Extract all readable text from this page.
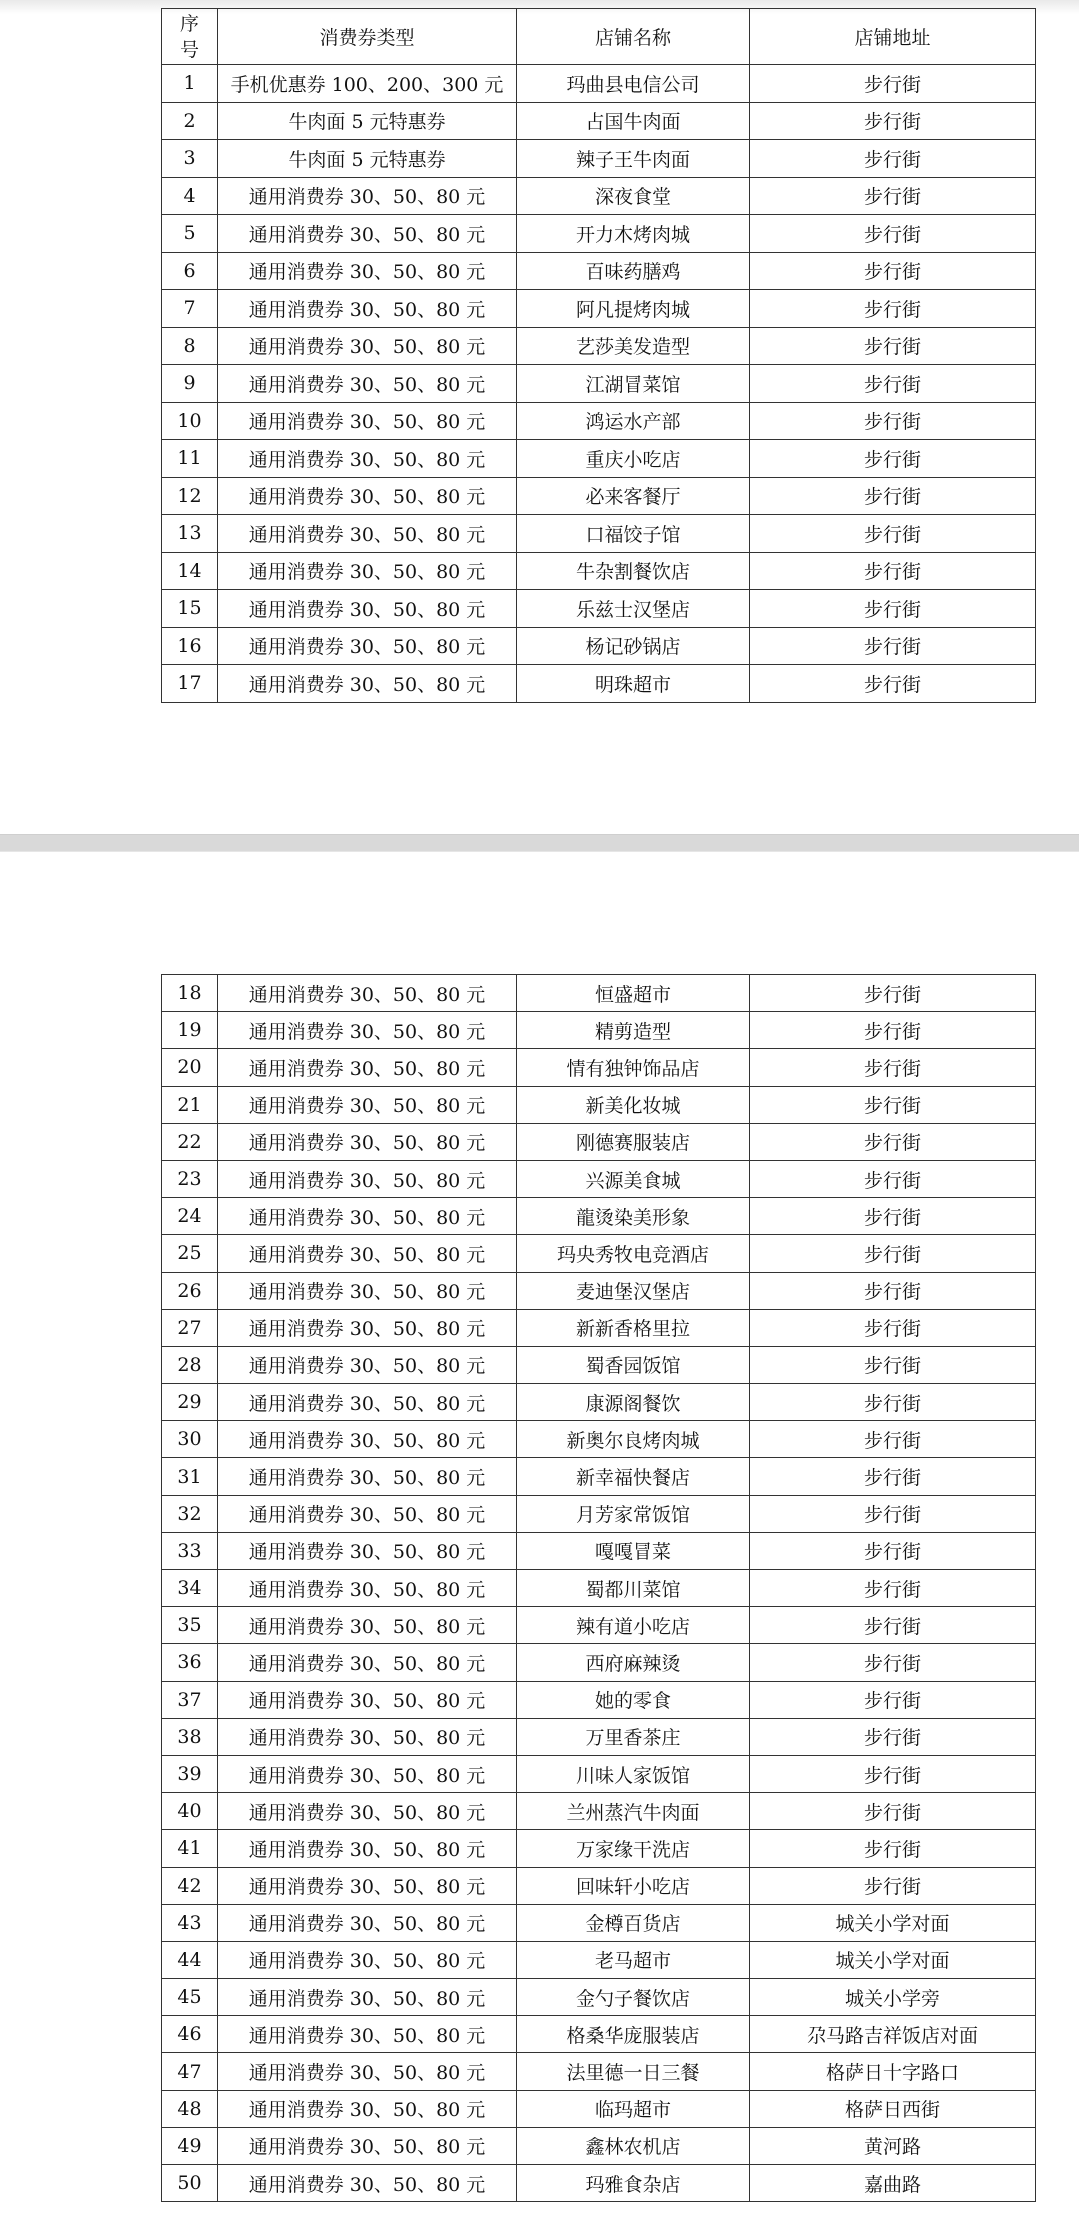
序号	消费券类型	店铺名称	店铺地址
1	手机优惠券 100、200、300 元	玛曲县电信公司	步行街
2	牛肉面 5 元特惠券	占国牛肉面	步行街
3	牛肉面 5 元特惠券	辣子王牛肉面	步行街
4	通用消费券 30、50、80 元	深夜食堂	步行街
5	通用消费券 30、50、80 元	开力木烤肉城	步行街
6	通用消费券 30、50、80 元	百味药膳鸡	步行街
7	通用消费券 30、50、80 元	阿凡提烤肉城	步行街
8	通用消费券 30、50、80 元	艺莎美发造型	步行街
9	通用消费券 30、50、80 元	江湖冒菜馆	步行街
10	通用消费券 30、50、80 元	鸿运水产部	步行街
11	通用消费券 30、50、80 元	重庆小吃店	步行街
12	通用消费券 30、50、80 元	必来客餐厅	步行街
13	通用消费券 30、50、80 元	口福饺子馆	步行街
14	通用消费券 30、50、80 元	牛杂割餐饮店	步行街
15	通用消费券 30、50、80 元	乐兹士汉堡店	步行街
16	通用消费券 30、50、80 元	杨记砂锅店	步行街
17	通用消费券 30、50、80 元	明珠超市	步行街
18	通用消费券 30、50、80 元	恒盛超市	步行街
19	通用消费券 30、50、80 元	精剪造型	步行街
20	通用消费券 30、50、80 元	情有独钟饰品店	步行街
21	通用消费券 30、50、80 元	新美化妆城	步行街
22	通用消费券 30、50、80 元	刚德赛服装店	步行街
23	通用消费券 30、50、80 元	兴源美食城	步行街
24	通用消费券 30、50、80 元	龍烫染美形象	步行街
25	通用消费券 30、50、80 元	玛央秀牧电竞酒店	步行街
26	通用消费券 30、50、80 元	麦迪堡汉堡店	步行街
27	通用消费券 30、50、80 元	新新香格里拉	步行街
28	通用消费券 30、50、80 元	蜀香园饭馆	步行街
29	通用消费券 30、50、80 元	康源阁餐饮	步行街
30	通用消费券 30、50、80 元	新奥尔良烤肉城	步行街
31	通用消费券 30、50、80 元	新幸福快餐店	步行街
32	通用消费券 30、50、80 元	月芳家常饭馆	步行街
33	通用消费券 30、50、80 元	嘎嘎冒菜	步行街
34	通用消费券 30、50、80 元	蜀都川菜馆	步行街
35	通用消费券 30、50、80 元	辣有道小吃店	步行街
36	通用消费券 30、50、80 元	西府麻辣烫	步行街
37	通用消费券 30、50、80 元	她的零食	步行街
38	通用消费券 30、50、80 元	万里香茶庄	步行街
39	通用消费券 30、50、80 元	川味人家饭馆	步行街
40	通用消费券 30、50、80 元	兰州蒸汽牛肉面	步行街
41	通用消费券 30、50、80 元	万家缘干洗店	步行街
42	通用消费券 30、50、80 元	回味轩小吃店	步行街
43	通用消费券 30、50、80 元	金樽百货店	城关小学对面
44	通用消费券 30、50、80 元	老马超市	城关小学对面
45	通用消费券 30、50、80 元	金勺子餐饮店	城关小学旁
46	通用消费券 30、50、80 元	格桑华庞服装店	尕马路吉祥饭店对面
47	通用消费券 30、50、80 元	法里德一日三餐	格萨日十字路口
48	通用消费券 30、50、80 元	临玛超市	格萨日西街
49	通用消费券 30、50、80 元	鑫林农机店	黄河路
50	通用消费券 30、50、80 元	玛雅食杂店	嘉曲路
